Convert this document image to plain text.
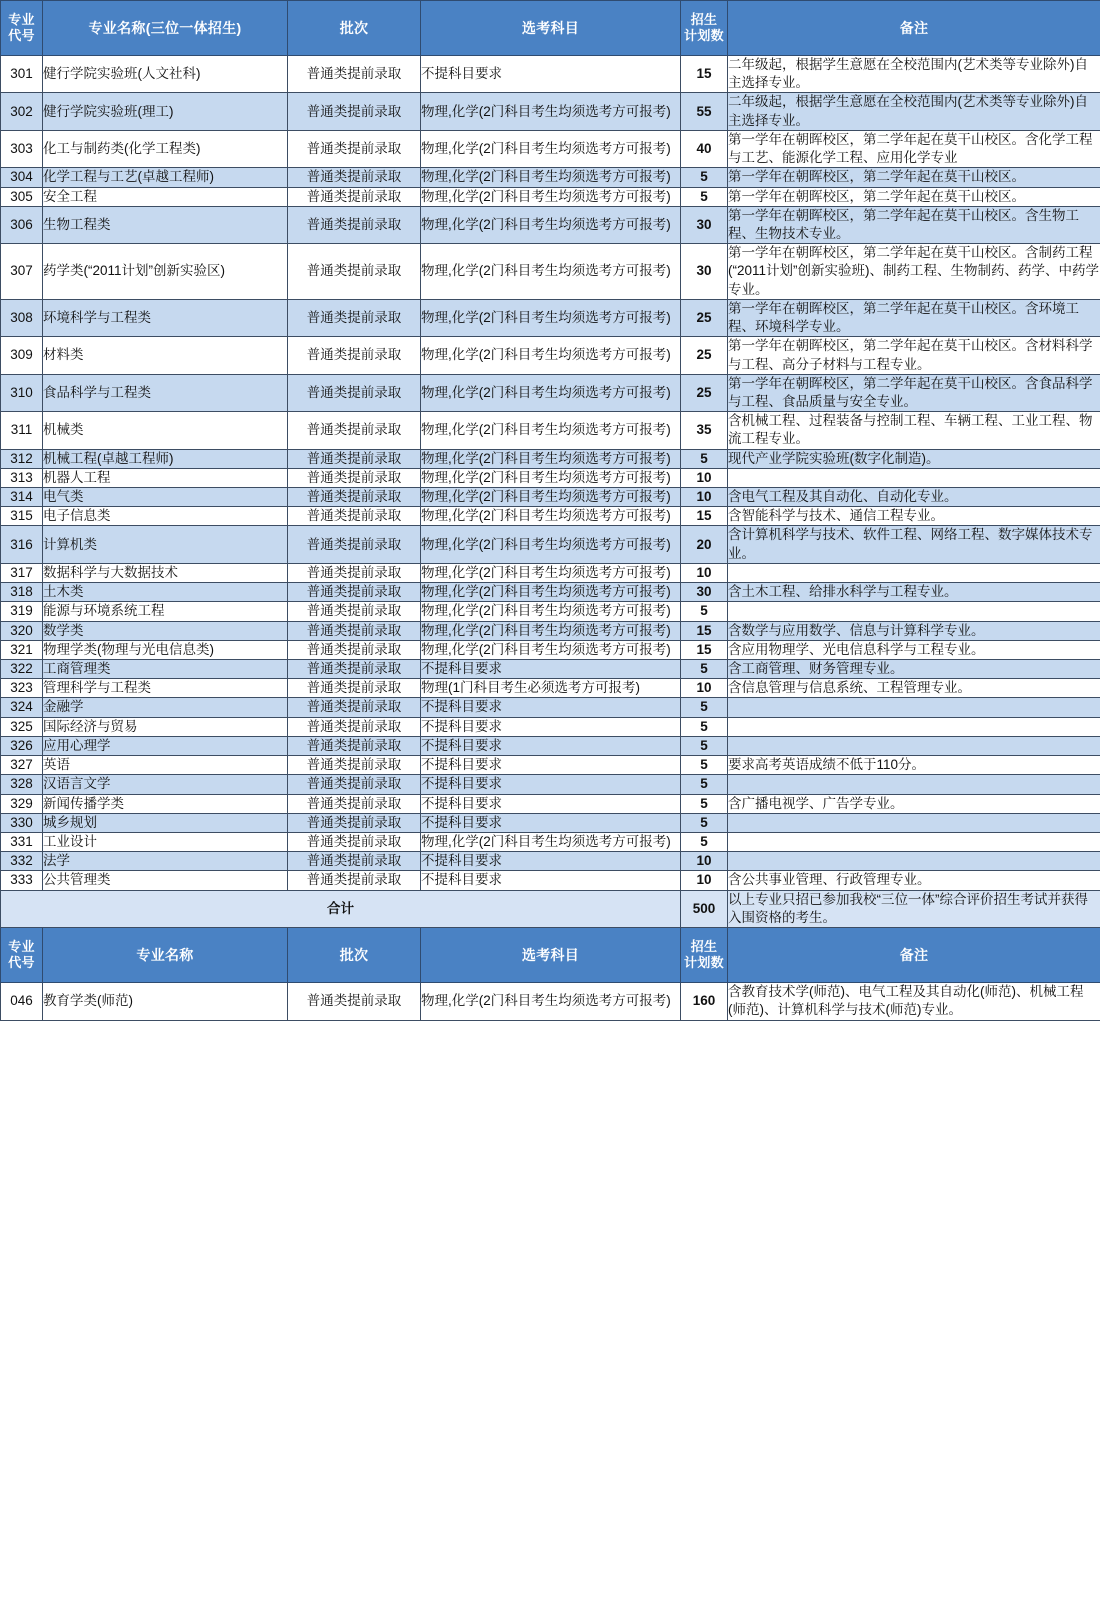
专业
代号	专业名称(三位一体招生)	批次	选考科目	招生
计划数	备注
301	健行学院实验班(人文社科)	普通类提前录取	不提科目要求	15	二年级起，根据学生意愿在全校范围内(艺术类等专业除外)自主选择专业。
302	健行学院实验班(理工)	普通类提前录取	物理,化学(2门科目考生均须选考方可报考)	55	二年级起，根据学生意愿在全校范围内(艺术类等专业除外)自主选择专业。
303	化工与制药类(化学工程类)	普通类提前录取	物理,化学(2门科目考生均须选考方可报考)	40	第一学年在朝晖校区，第二学年起在莫干山校区。含化学工程与工艺、能源化学工程、应用化学专业
304	化学工程与工艺(卓越工程师)	普通类提前录取	物理,化学(2门科目考生均须选考方可报考)	5	第一学年在朝晖校区，第二学年起在莫干山校区。
305	安全工程	普通类提前录取	物理,化学(2门科目考生均须选考方可报考)	5	第一学年在朝晖校区，第二学年起在莫干山校区。
306	生物工程类	普通类提前录取	物理,化学(2门科目考生均须选考方可报考)	30	第一学年在朝晖校区，第二学年起在莫干山校区。含生物工程、生物技术专业。
307	药学类(“2011计划”创新实验区)	普通类提前录取	物理,化学(2门科目考生均须选考方可报考)	30	第一学年在朝晖校区，第二学年起在莫干山校区。含制药工程(“2011计划”创新实验班)、制药工程、生物制药、药学、中药学专业。
308	环境科学与工程类	普通类提前录取	物理,化学(2门科目考生均须选考方可报考)	25	第一学年在朝晖校区，第二学年起在莫干山校区。含环境工程、环境科学专业。
309	材料类	普通类提前录取	物理,化学(2门科目考生均须选考方可报考)	25	第一学年在朝晖校区，第二学年起在莫干山校区。含材料科学与工程、高分子材料与工程专业。
310	食品科学与工程类	普通类提前录取	物理,化学(2门科目考生均须选考方可报考)	25	第一学年在朝晖校区，第二学年起在莫干山校区。含食品科学与工程、食品质量与安全专业。
311	机械类	普通类提前录取	物理,化学(2门科目考生均须选考方可报考)	35	含机械工程、过程装备与控制工程、车辆工程、工业工程、物流工程专业。
312	机械工程(卓越工程师)	普通类提前录取	物理,化学(2门科目考生均须选考方可报考)	5	现代产业学院实验班(数字化制造)。
313	机器人工程	普通类提前录取	物理,化学(2门科目考生均须选考方可报考)	10	
314	电气类	普通类提前录取	物理,化学(2门科目考生均须选考方可报考)	10	含电气工程及其自动化、自动化专业。
315	电子信息类	普通类提前录取	物理,化学(2门科目考生均须选考方可报考)	15	含智能科学与技术、通信工程专业。
316	计算机类	普通类提前录取	物理,化学(2门科目考生均须选考方可报考)	20	含计算机科学与技术、软件工程、网络工程、数字媒体技术专业。
317	数据科学与大数据技术	普通类提前录取	物理,化学(2门科目考生均须选考方可报考)	10	
318	土木类	普通类提前录取	物理,化学(2门科目考生均须选考方可报考)	30	含土木工程、给排水科学与工程专业。
319	能源与环境系统工程	普通类提前录取	物理,化学(2门科目考生均须选考方可报考)	5	
320	数学类	普通类提前录取	物理,化学(2门科目考生均须选考方可报考)	15	含数学与应用数学、信息与计算科学专业。
321	物理学类(物理与光电信息类)	普通类提前录取	物理,化学(2门科目考生均须选考方可报考)	15	含应用物理学、光电信息科学与工程专业。
322	工商管理类	普通类提前录取	不提科目要求	5	含工商管理、财务管理专业。
323	管理科学与工程类	普通类提前录取	物理(1门科目考生必须选考方可报考)	10	含信息管理与信息系统、工程管理专业。
324	金融学	普通类提前录取	不提科目要求	5	
325	国际经济与贸易	普通类提前录取	不提科目要求	5	
326	应用心理学	普通类提前录取	不提科目要求	5	
327	英语	普通类提前录取	不提科目要求	5	要求高考英语成绩不低于110分。
328	汉语言文学	普通类提前录取	不提科目要求	5	
329	新闻传播学类	普通类提前录取	不提科目要求	5	含广播电视学、广告学专业。
330	城乡规划	普通类提前录取	不提科目要求	5	
331	工业设计	普通类提前录取	物理,化学(2门科目考生均须选考方可报考)	5	
332	法学	普通类提前录取	不提科目要求	10	
333	公共管理类	普通类提前录取	不提科目要求	10	含公共事业管理、行政管理专业。
合计				500	以上专业只招已参加我校“三位一体”综合评价招生考试并获得入围资格的考生。

专业
代号	专业名称	批次	选考科目	招生
计划数	备注
046	教育学类(师范)	普通类提前录取	物理,化学(2门科目考生均须选考方可报考)	160	含教育技术学(师范)、电气工程及其自动化(师范)、机械工程(师范)、计算机科学与技术(师范)专业。
